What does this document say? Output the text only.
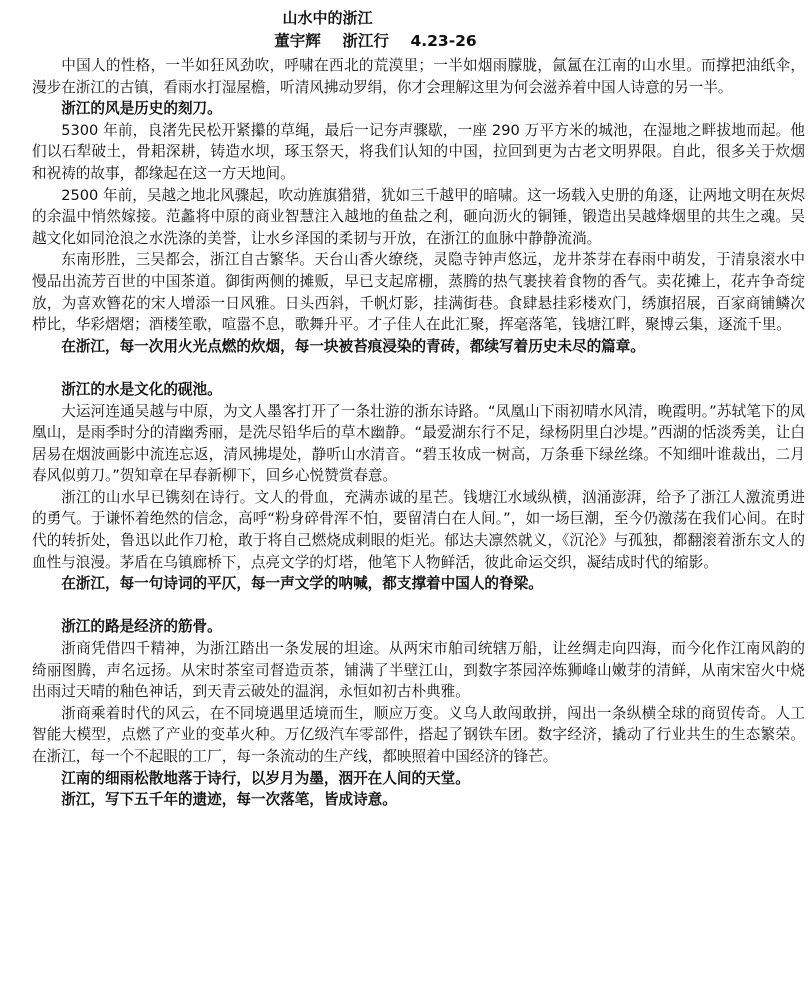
山水中的浙江
董宇辉    浙江行    4.23-26

中国人的性格，一半如狂风劲吹，呼啸在西北的荒漠里；一半如烟雨朦胧，氤氲在江南的山水里。而撑把油纸伞，漫步在浙江的古镇，看雨水打湿屋檐，听清风拂动罗绢，你才会理解这里为何会滋养着中国人诗意的另一半。

浙江的风是历史的刻刀。

5300 年前，良渚先民松开紧攥的草绳，最后一记夯声骤歇，一座 290 万平方米的城池，在湿地之畔拔地而起。他们以石犁破土，骨耜深耕，铸造水坝，琢玉祭天，将我们认知的中国，拉回到更为古老文明界限。自此，很多关于炊烟和祝祷的故事，都缘起在这一方天地间。

2500 年前，吴越之地北风骤起，吹动旌旗猎猎，犹如三千越甲的暗啸。这一场载入史册的角逐，让两地文明在灰烬的余温中悄然嫁接。范蠡将中原的商业智慧注入越地的鱼盐之利，砸向沥火的铜锤，锻造出吴越烽烟里的共生之魂。吴越文化如同沧浪之水洗涤的美誉，让水乡泽国的柔韧与开放，在浙江的血脉中静静流淌。

东南形胜，三吴都会，浙江自古繁华。天台山香火缭绕，灵隐寺钟声悠远，龙井茶芽在春雨中萌发，于清泉滚水中慢品出流芳百世的中国茶道。御街两侧的摊贩，早已支起席棚，蒸腾的热气裹挟着食物的香气。卖花摊上，花卉争奇绽放，为喜欢簪花的宋人增添一日风雅。日头西斜，千帆灯影，挂满街巷。食肆悬挂彩楼欢门，绣旗招展，百家商铺鳞次栉比，华彩熠熠；酒楼笙歌，喧嚣不息，歌舞升平。才子佳人在此汇聚，挥毫落笔，钱塘江畔，聚博云集，逐流千里。

在浙江，每一次用火光点燃的炊烟，每一块被苔痕浸染的青砖，都续写着历史未尽的篇章。

浙江的水是文化的砚池。

大运河连通吴越与中原，为文人墨客打开了一条壮游的浙东诗路。“凤凰山下雨初晴水风清，晚霞明。”苏轼笔下的凤凰山，是雨季时分的清幽秀丽，是洗尽铅华后的草木幽静。“最爱湖东行不足，绿杨阴里白沙堤。”西湖的恬淡秀美，让白居易在烟波画影中流连忘返，清风拂堤处，静听山水清音。“碧玉妆成一树高，万条垂下绿丝绦。不知细叶谁裁出，二月春风似剪刀。”贺知章在早春新柳下，回乡心悦赞赏春意。

浙江的山水早已镌刻在诗行。文人的骨血，充满赤诚的星芒。钱塘江水域纵横，汹涌澎湃，给予了浙江人激流勇进的勇气。于谦怀着绝然的信念，高呼“粉身碎骨浑不怕，要留清白在人间。”，如一场巨潮，至今仍激荡在我们心间。在时代的转折处，鲁迅以此作刀枪，敢于将自己燃烧成刺眼的炬光。郁达夫凛然就义，《沉沦》与孤独，都翻滚着浙东文人的血性与浪漫。茅盾在乌镇廊桥下，点亮文学的灯塔，他笔下人物鲜活，彼此命运交织，凝结成时代的缩影。

在浙江，每一句诗词的平仄，每一声文学的呐喊，都支撑着中国人的脊梁。

浙江的路是经济的筋骨。

浙商凭借四千精神，为浙江踏出一条发展的坦途。从两宋市舶司统辖万船，让丝绸走向四海，而今化作江南风韵的绮丽图腾，声名远扬。从宋时茶室司督造贡茶，铺满了半壁江山，到数字茶园淬炼狮峰山嫩芽的清鲜，从南宋窑火中烧出雨过天晴的釉色神话，到天青云破处的温润，永恒如初古朴典雅。

浙商乘着时代的风云，在不同境遇里适境而生，顺应万变。义乌人敢闯敢拼，闯出一条纵横全球的商贸传奇。人工智能大模型，点燃了产业的变革火种。万亿级汽车零部件，搭起了钢铁车团。数字经济，撬动了行业共生的生态繁荣。在浙江，每一个不起眼的工厂，每一条流动的生产线，都映照着中国经济的锋芒。

江南的细雨松散地落于诗行，以岁月为墨，洇开在人间的天堂。

浙江，写下五千年的遗迹，每一次落笔，皆成诗意。
